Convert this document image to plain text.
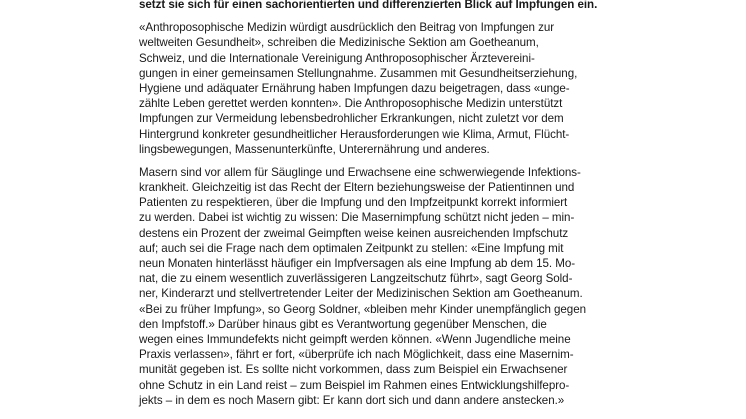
setzt sie sich für einen sachorientierten und differenzierten Blick auf Impfungen ein.
«Anthroposophische Medizin würdigt ausdrücklich den Beitrag von Impfungen zur
weltweiten Gesundheit», schreiben die Medizinische Sektion am Goetheanum,
Schweiz, und die Internationale Vereinigung Anthroposophischer Ärztevereini-
gungen in einer gemeinsamen Stellungnahme. Zusammen mit Gesundheitserziehung,
Hygiene und adäquater Ernährung haben Impfungen dazu beigetragen, dass «unge-
zählte Leben gerettet werden konnten». Die Anthroposophische Medizin unterstützt
Impfungen zur Vermeidung lebensbedrohlicher Erkrankungen, nicht zuletzt vor dem
Hintergrund konkreter gesundheitlicher Herausforderungen wie Klima, Armut, Flücht-
lingsbewegungen, Massenunterkünfte, Unterernährung und anderes.
Masern sind vor allem für Säuglinge und Erwachsene eine schwerwiegende Infektions-
krankheit. Gleichzeitig ist das Recht der Eltern beziehungsweise der Patientinnen und
Patienten zu respektieren, über die Impfung und den Impfzeitpunkt korrekt informiert
zu werden. Dabei ist wichtig zu wissen: Die Masernimpfung schützt nicht jeden – min-
destens ein Prozent der zweimal Geimpften weise keinen ausreichenden Impfschutz
auf; auch sei die Frage nach dem optimalen Zeitpunkt zu stellen: «Eine Impfung mit
neun Monaten hinterlässt häufiger ein Impfversagen als eine Impfung ab dem 15. Mo-
nat, die zu einem wesentlich zuverlässigeren Langzeitschutz führt», sagt Georg Sold-
ner, Kinderarzt und stellvertretender Leiter der Medizinischen Sektion am Goetheanum.
«Bei zu früher Impfung», so Georg Soldner, «bleiben mehr Kinder unempfänglich gegen
den Impfstoff.» Darüber hinaus gibt es Verantwortung gegenüber Menschen, die
wegen eines Immundefekts nicht geimpft werden können. «Wenn Jugendliche meine
Praxis verlassen», fährt er fort, «überprüfe ich nach Möglichkeit, dass eine Masernim-
munität gegeben ist. Es sollte nicht vorkommen, dass zum Beispiel ein Erwachsener
ohne Schutz in ein Land reist – zum Beispiel im Rahmen eines Entwicklungshilfepro-
jekts – in dem es noch Masern gibt: Er kann dort sich und dann andere anstecken.»
